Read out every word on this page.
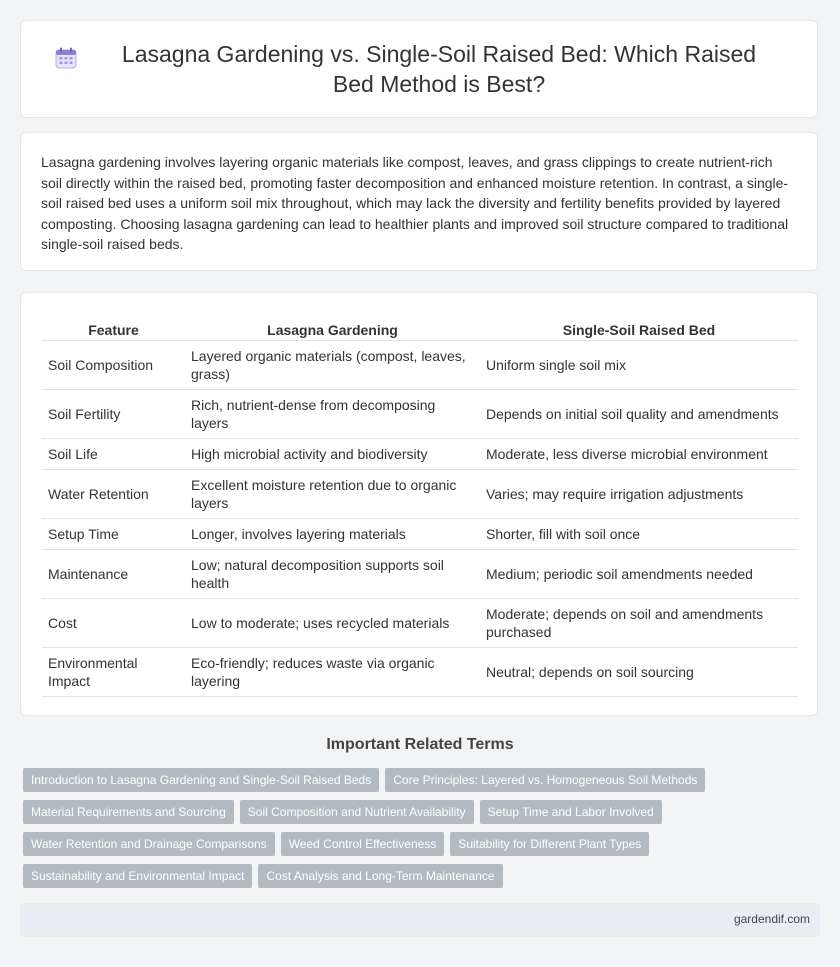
Lasagna Gardening vs. Single-Soil Raised Bed: Which Raised Bed Method is Best?

Lasagna gardening involves layering organic materials like compost, leaves, and grass clippings to create nutrient-rich soil directly within the raised bed, promoting faster decomposition and enhanced moisture retention. In contrast, a single-soil raised bed uses a uniform soil mix throughout, which may lack the diversity and fertility benefits provided by layered composting. Choosing lasagna gardening can lead to healthier plants and improved soil structure compared to traditional single-soil raised beds.

Feature	Lasagna Gardening	Single-Soil Raised Bed
Soil Composition	Layered organic materials (compost, leaves, grass)	Uniform single soil mix
Soil Fertility	Rich, nutrient-dense from decomposing layers	Depends on initial soil quality and amendments
Soil Life	High microbial activity and biodiversity	Moderate, less diverse microbial environment
Water Retention	Excellent moisture retention due to organic layers	Varies; may require irrigation adjustments
Setup Time	Longer, involves layering materials	Shorter, fill with soil once
Maintenance	Low; natural decomposition supports soil health	Medium; periodic soil amendments needed
Cost	Low to moderate; uses recycled materials	Moderate; depends on soil and amendments purchased
Environmental Impact	Eco-friendly; reduces waste via organic layering	Neutral; depends on soil sourcing
Important Related Terms
Introduction to Lasagna Gardening and Single-Soil Raised Beds	Core Principles: Layered vs. Homogeneous Soil Methods
Material Requirements and Sourcing	Soil Composition and Nutrient Availability	Setup Time and Labor Involved
Water Retention and Drainage Comparisons	Weed Control Effectiveness	Suitability for Different Plant Types
Sustainability and Environmental Impact	Cost Analysis and Long-Term Maintenance
gardendif.com
